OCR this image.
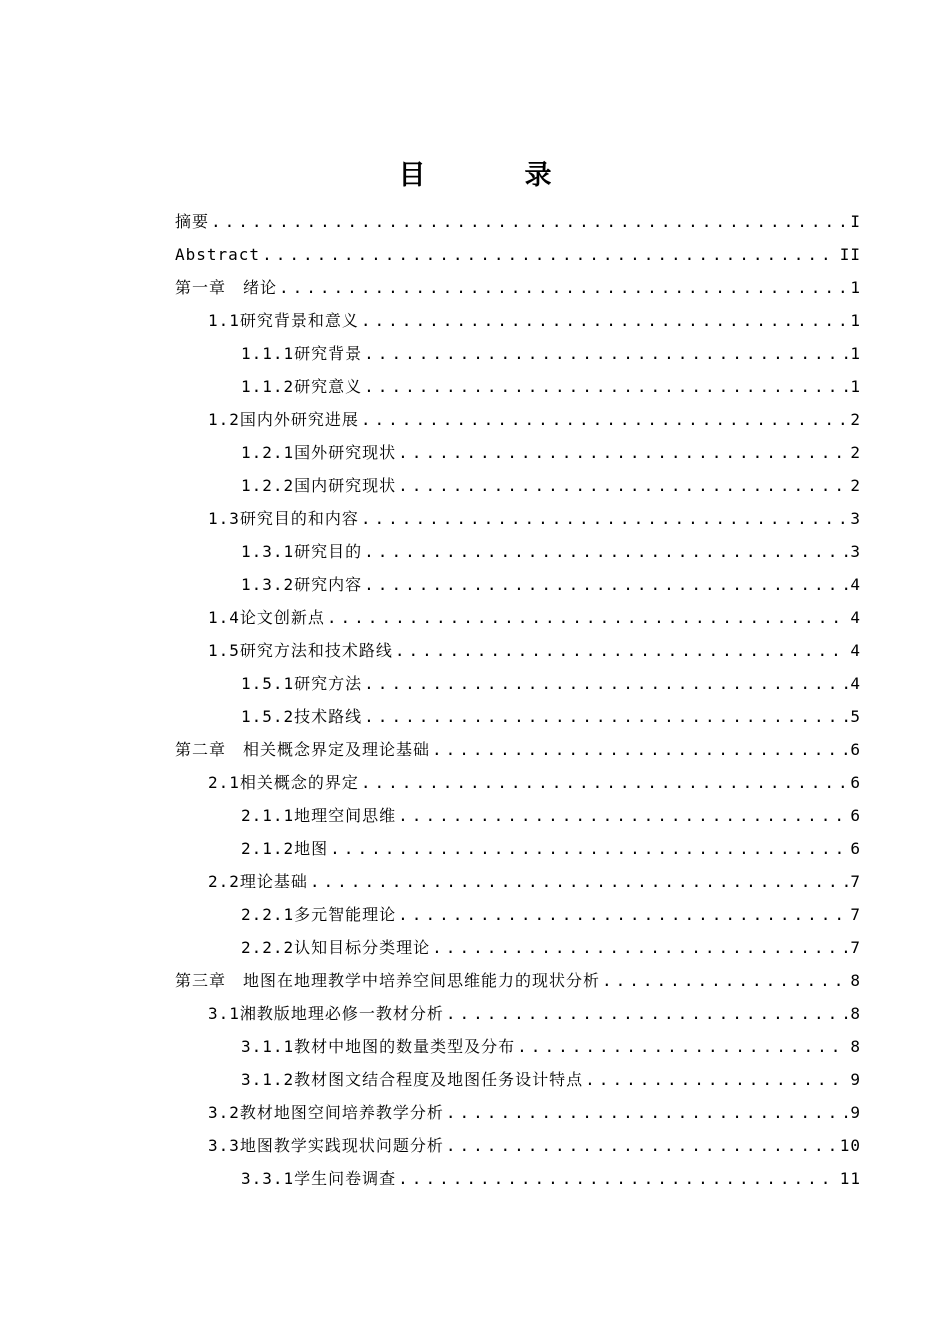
目　录
摘要 .....	I
Abstract .....	II
第一章　绪论 .....	1
1.1研究背景和意义 .....	1
1.1.1研究背景 .....	1
1.1.2研究意义 .....	1
1.2国内外研究进展 .....	2
1.2.1国外研究现状 .....	2
1.2.2国内研究现状 .....	2
1.3研究目的和内容 .....	3
1.3.1研究目的 .....	3
1.3.2研究内容 .....	4
1.4论文创新点 .....	4
1.5研究方法和技术路线 .....	4
1.5.1研究方法 .....	4
1.5.2技术路线 .....	5
第二章　相关概念界定及理论基础 .....	6
2.1相关概念的界定 .....	6
2.1.1地理空间思维 .....	6
2.1.2地图 .....	6
2.2理论基础 .....	7
2.2.1多元智能理论 .....	7
2.2.2认知目标分类理论 .....	7
第三章　地图在地理教学中培养空间思维能力的现状分析 .....	8
3.1湘教版地理必修一教材分析 .....	8
3.1.1教材中地图的数量类型及分布 .....	8
3.1.2教材图文结合程度及地图任务设计特点 .....	9
3.2教材地图空间培养教学分析 .....	9
3.3地图教学实践现状问题分析 .....	10
3.3.1学生问卷调查 .....	11
